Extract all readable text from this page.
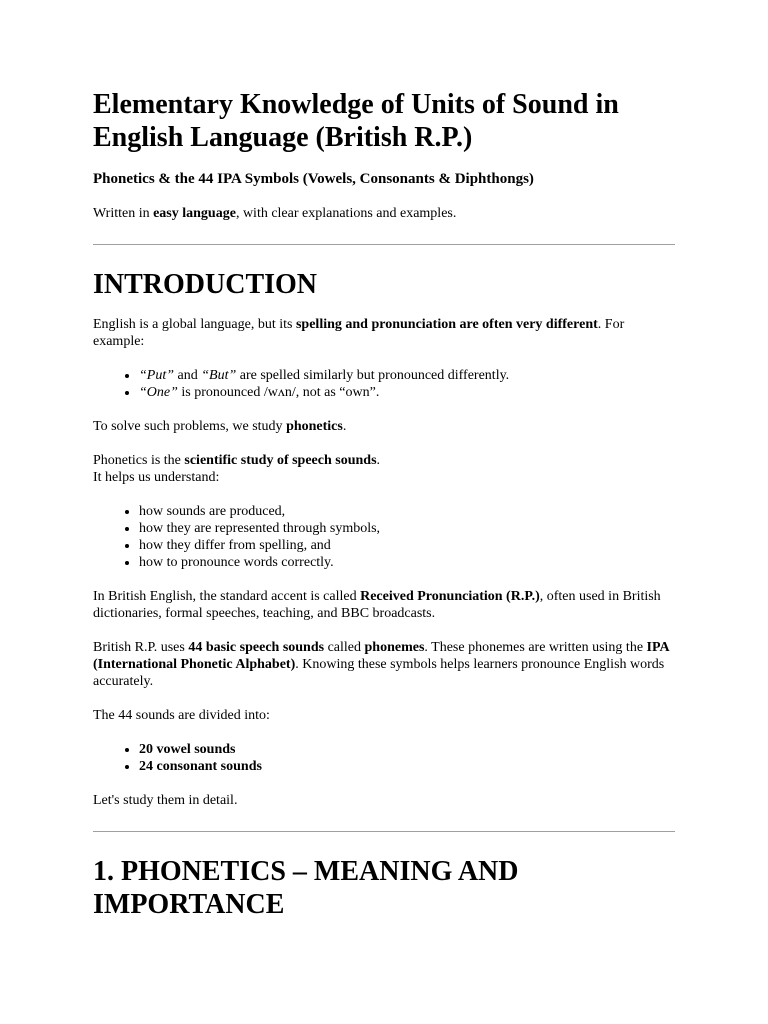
Elementary Knowledge of Units of Sound in English Language (British R.P.)

Phonetics & the 44 IPA Symbols (Vowels, Consonants & Diphthongs)

Written in easy language, with clear explanations and examples.

INTRODUCTION

English is a global language, but its spelling and pronunciation are often very different. For example:

• “Put” and “But” are spelled similarly but pronounced differently.
• “One” is pronounced /wʌn/, not as “own”.

To solve such problems, we study phonetics.

Phonetics is the scientific study of speech sounds.
It helps us understand:

• how sounds are produced,
• how they are represented through symbols,
• how they differ from spelling, and
• how to pronounce words correctly.

In British English, the standard accent is called Received Pronunciation (R.P.), often used in British dictionaries, formal speeches, teaching, and BBC broadcasts.

British R.P. uses 44 basic speech sounds called phonemes. These phonemes are written using the IPA (International Phonetic Alphabet). Knowing these symbols helps learners pronounce English words accurately.

The 44 sounds are divided into:

• 20 vowel sounds
• 24 consonant sounds

Let's study them in detail.

1. PHONETICS – MEANING AND IMPORTANCE
